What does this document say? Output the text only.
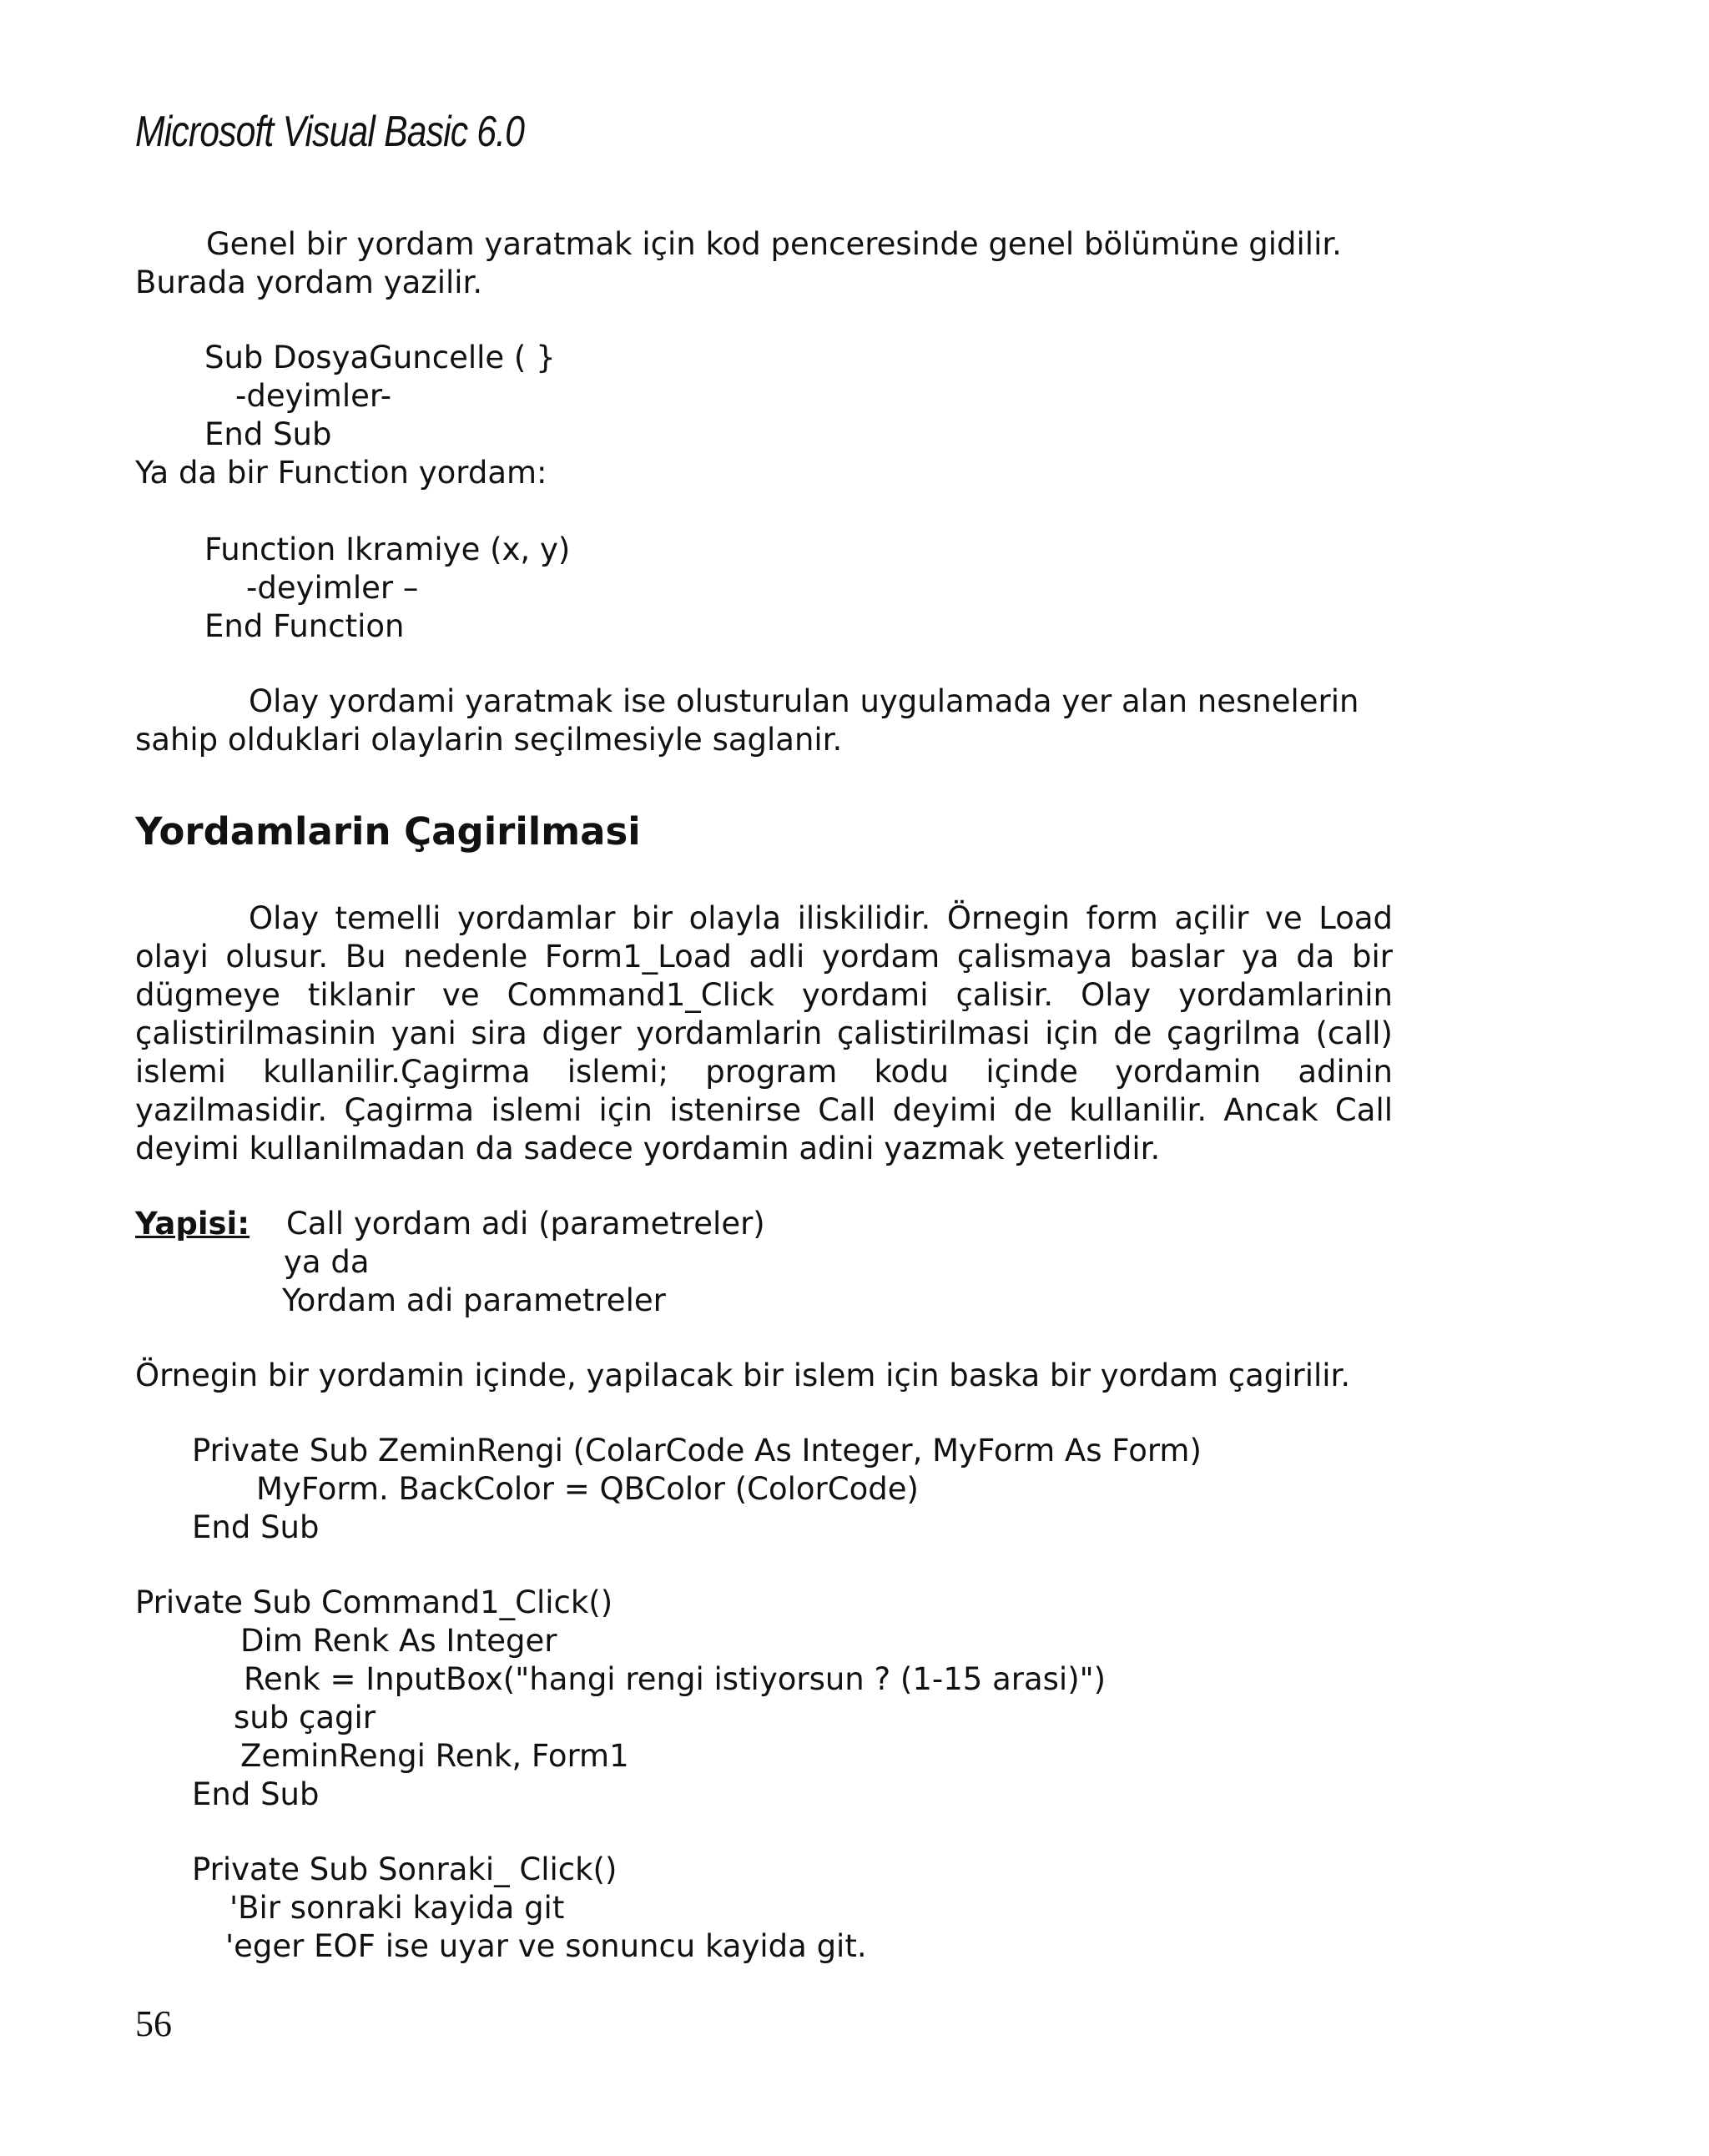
Microsoft Visual Basic 6.0
Genel bir yordam yaratmak için kod penceresinde genel bölümüne gidilir.
Burada yordam yazilir.
Sub DosyaGuncelle ( }
-deyimler-
End Sub
Ya da bir Function yordam:
Function Ikramiye (x, y)
-deyimler –
End Function
Olay yordami yaratmak ise olusturulan uygulamada yer alan nesnelerin
sahip olduklari olaylarin seçilmesiyle saglanir.
Yordamlarin Çagirilmasi
Olay temelli yordamlar bir olayla iliskilidir. Örnegin form açilir ve Load
olayi olusur. Bu nedenle Form1_Load adli yordam çalismaya baslar ya da bir
dügmeye tiklanir ve Command1_Click yordami çalisir. Olay yordamlarinin
çalistirilmasinin yani sira diger yordamlarin çalistirilmasi için de çagrilma (call)
islemi kullanilir.Çagirma islemi; program kodu içinde yordamin adinin
yazilmasidir. Çagirma islemi için istenirse Call deyimi de kullanilir. Ancak Call
deyimi kullanilmadan da sadece yordamin adini yazmak yeterlidir.
Yapisi: Call yordam adi (parametreler)
ya da
Yordam adi parametreler
Örnegin bir yordamin içinde, yapilacak bir islem için baska bir yordam çagirilir.
Private Sub ZeminRengi (ColarCode As Integer, MyForm As Form)
MyForm. BackColor = QBColor (ColorCode)
End Sub
Private Sub Command1_Click()
Dim Renk As Integer
Renk = InputBox("hangi rengi istiyorsun ? (1-15 arasi)")
sub çagir
ZeminRengi Renk, Form1
End Sub
Private Sub Sonraki_ Click()
'Bir sonraki kayida git
'eger EOF ise uyar ve sonuncu kayida git.
56
